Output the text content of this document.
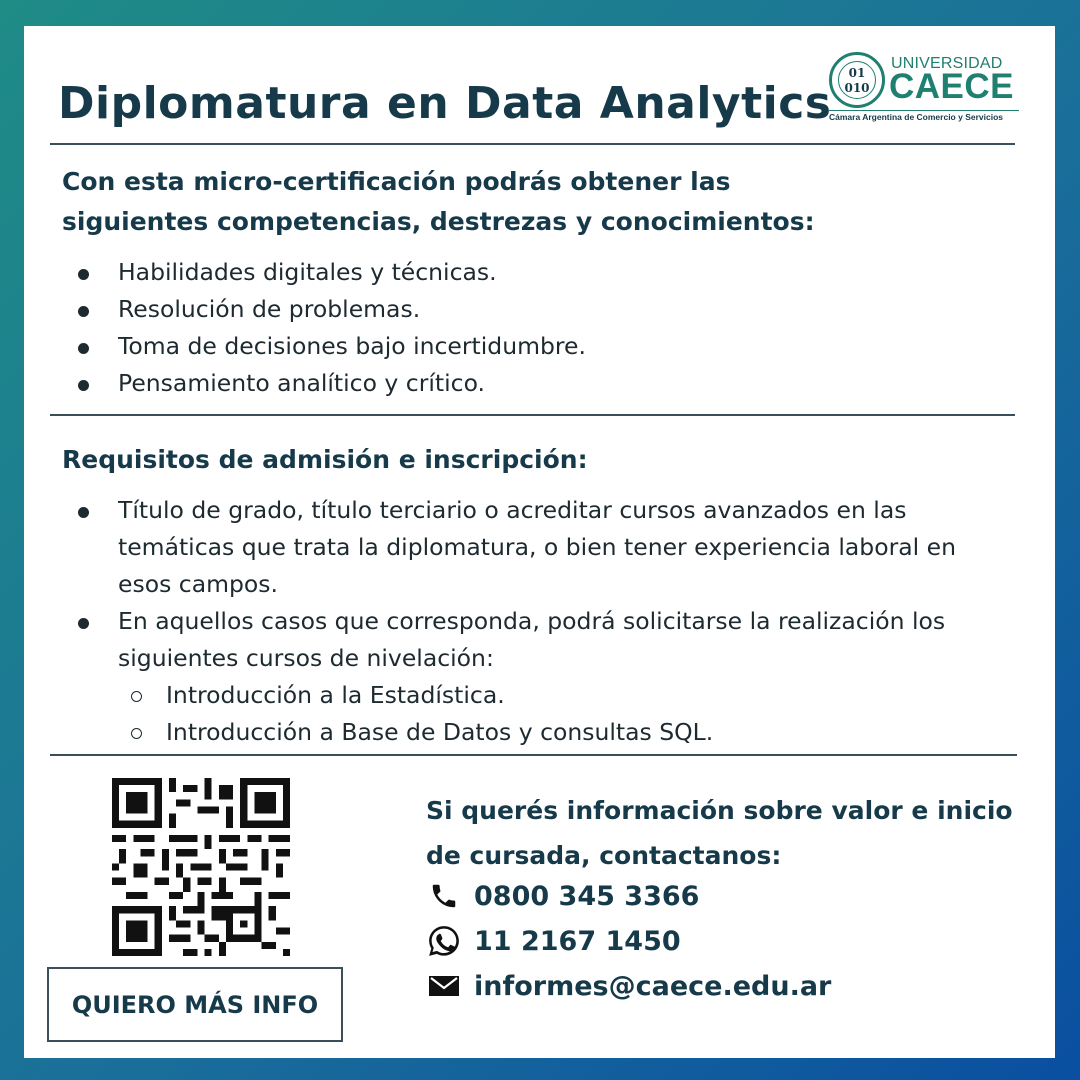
Diplomatura en Data Analytics
01
010
UNIVERSIDAD
CAECE
Cámara Argentina de Comercio y Servicios
Con esta micro-certificación podrás obtener las
siguientes competencias, destrezas y conocimientos:
Habilidades digitales y técnicas.
Resolución de problemas.
Toma de decisiones bajo incertidumbre.
Pensamiento analítico y crítico.
Requisitos de admisión e inscripción:
Título de grado, título terciario o acreditar cursos avanzados en las temáticas que trata la diplomatura, o bien tener experiencia laboral en esos campos.
En aquellos casos que corresponda, podrá solicitarse la realización los siguientes cursos de nivelación:
Introducción a la Estadística.
Introducción a Base de Datos y consultas SQL.
QUIERO MÁS INFO
Si querés información sobre valor e inicio de cursada, contactanos:
0800 345 3366
11 2167 1450
informes@caece.edu.ar
